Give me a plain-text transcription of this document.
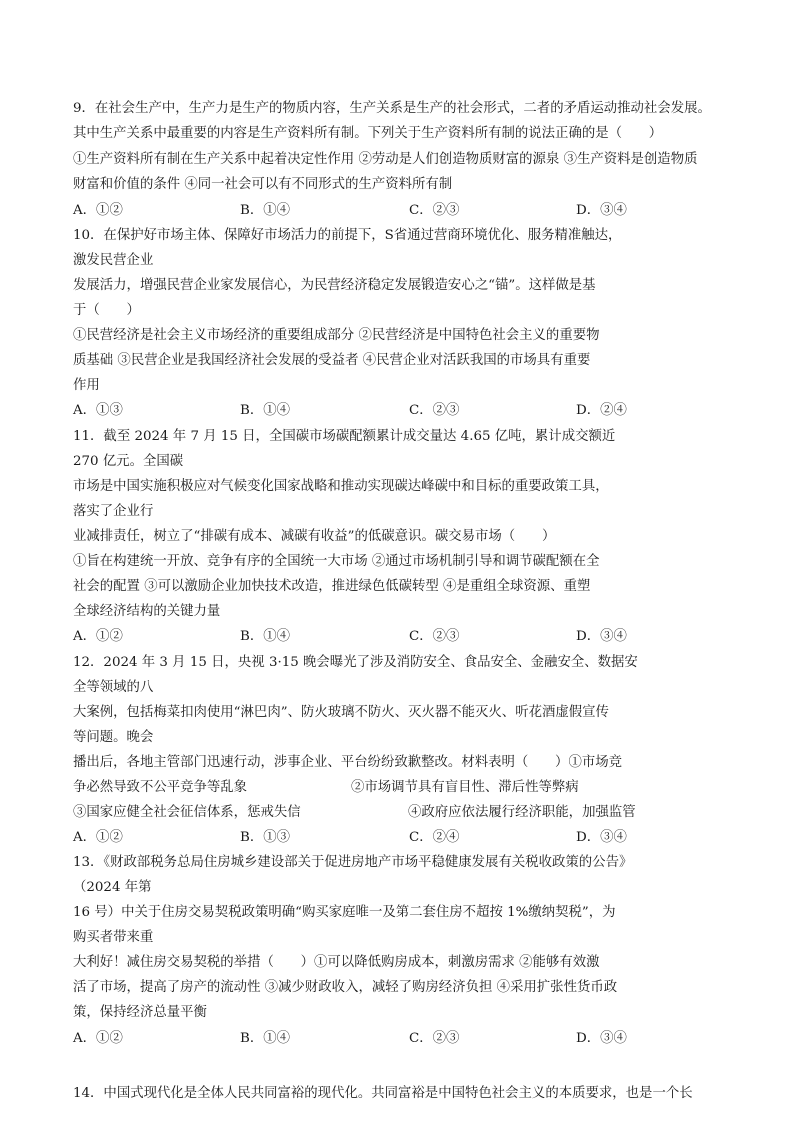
9．在社会生产中，生产力是生产的物质内容，生产关系是生产的社会形式，二者的矛盾运动推动社会发展。
其中生产关系中最重要的内容是生产资料所有制。下列关于生产资料所有制的说法正确的是（　　）
①生产资料所有制在生产关系中起着决定性作用 ②劳动是人们创造物质财富的源泉 ③生产资料是创造物质
财富和价值的条件 ④同一社会可以有不同形式的生产资料所有制
A．①②	B．①④	C．②③	D．③④
10．在保护好市场主体、保障好市场活力的前提下，S省通过营商环境优化、服务精准触达，
激发民营企业
发展活力，增强民营企业家发展信心，为民营经济稳定发展锻造安心之“锚”。这样做是基
于（　　）
①民营经济是社会主义市场经济的重要组成部分 ②民营经济是中国特色社会主义的重要物
质基础 ③民营企业是我国经济社会发展的受益者 ④民营企业对活跃我国的市场具有重要
作用
A．①③	B．①④	C．②③	D．②④
11．截至 2024 年 7 月 15 日，全国碳市场碳配额累计成交量达 4.65 亿吨，累计成交额近
270 亿元。全国碳
市场是中国实施积极应对气候变化国家战略和推动实现碳达峰碳中和目标的重要政策工具，
落实了企业行
业减排责任，树立了“排碳有成本、减碳有收益”的低碳意识。碳交易市场（　　）
①旨在构建统一开放、竞争有序的全国统一大市场 ②通过市场机制引导和调节碳配额在全
社会的配置 ③可以激励企业加快技术改造，推进绿色低碳转型 ④是重组全球资源、重塑
全球经济结构的关键力量
A．①②	B．①④	C．②③	D．③④
12．2024 年 3 月 15 日，央视 3·15 晚会曝光了涉及消防安全、食品安全、金融安全、数据安
全等领域的八
大案例，包括梅菜扣肉使用“淋巴肉”、防火玻璃不防火、灭火器不能灭火、听花酒虚假宣传
等问题。晚会
播出后，各地主管部门迅速行动，涉事企业、平台纷纷致歉整改。材料表明（　　）①市场竞
争必然导致不公平竞争等乱象	②市场调节具有盲目性、滞后性等弊病
③国家应健全社会征信体系，惩戒失信	④政府应依法履行经济职能，加强监管
A．①②	B．①③	C．②④	D．③④
13．《财政部税务总局住房城乡建设部关于促进房地产市场平稳健康发展有关税收政策的公告》
（2024 年第
16 号）中关于住房交易契税政策明确“购买家庭唯一及第二套住房不超按 1%缴纳契税”，为
购买者带来重
大利好！减住房交易契税的举措（　　）①可以降低购房成本，刺激房需求 ②能够有效激
活了市场，提高了房产的流动性 ③减少财政收入，减轻了购房经济负担 ④采用扩张性货币政
策，保持经济总量平衡
A．①②	B．①④	C．②③	D．③④
14．中国式现代化是全体人民共同富裕的现代化。共同富裕是中国特色社会主义的本质要求，也是一个长
